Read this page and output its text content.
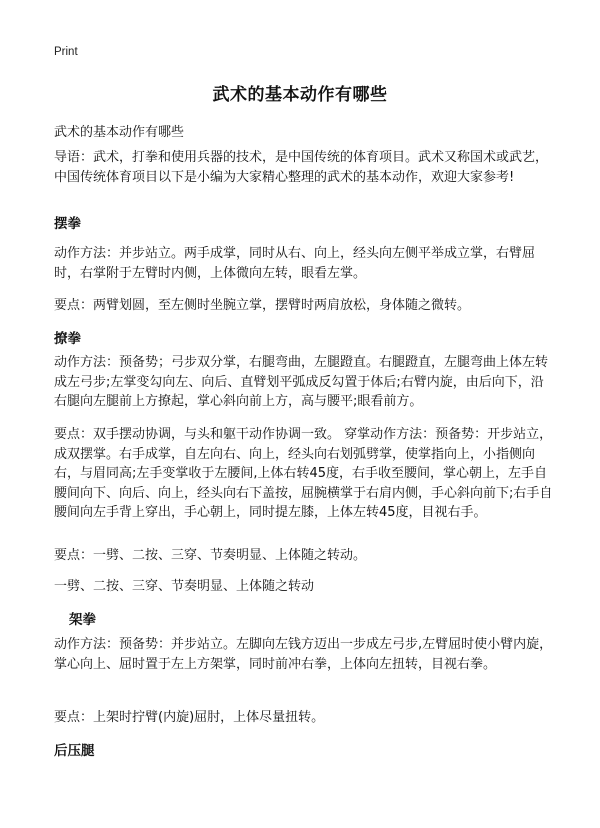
Print
武术的基本动作有哪些
武术的基本动作有哪些
导语：武术，打拳和使用兵器的技术，是中国传统的体育项目。武术又称国术或武艺，中国传统体育项目以下是小编为大家精心整理的武术的基本动作，欢迎大家参考!
摆拳
动作方法：并步站立。两手成掌，同时从右、向上，经头向左侧平举成立掌，右臂屈时，右掌附于左臂时内侧，上体微向左转，眼看左掌。
要点：两臂划圆，至左侧时坐腕立掌，摆臂时两肩放松，身体随之微转。
撩拳
动作方法：预备势；弓步双分掌，右腿弯曲，左腿蹬直。右腿蹬直，左腿弯曲上体左转成左弓步;左掌变勾向左、向后、直臂划平弧成反勾置于体后;右臂内旋，由后向下，沿右腿向左腿前上方撩起，掌心斜向前上方，高与腰平;眼看前方。
要点：双手摆动协调，与头和躯干动作协调一致。 穿掌动作方法：预备势：开步站立，成双摆掌。右手成掌，自左向右、向上，经头向右划弧劈掌，使掌指向上，小指侧向右，与眉同高;左手变掌收于左腰间,上体右转45度，右手收至腰间，掌心朝上，左手自腰间向下、向后、向上，经头向右下盖按，屈腕横掌于右肩内侧，手心斜向前下;右手自腰间向左手背上穿出，手心朝上，同时提左膝，上体左转45度，目视右手。
要点：一劈、二按、三穿、节奏明显、上体随之转动。
一劈、二按、三穿、节奏明显、上体随之转动
架拳
动作方法：预备势：并步站立。左脚向左钱方迈出一步成左弓步,左臂屈时使小臂内旋，掌心向上、屈时置于左上方架掌，同时前冲右拳，上体向左扭转，目视右拳。
要点：上架时拧臂(内旋)屈肘，上体尽量扭转。
后压腿
